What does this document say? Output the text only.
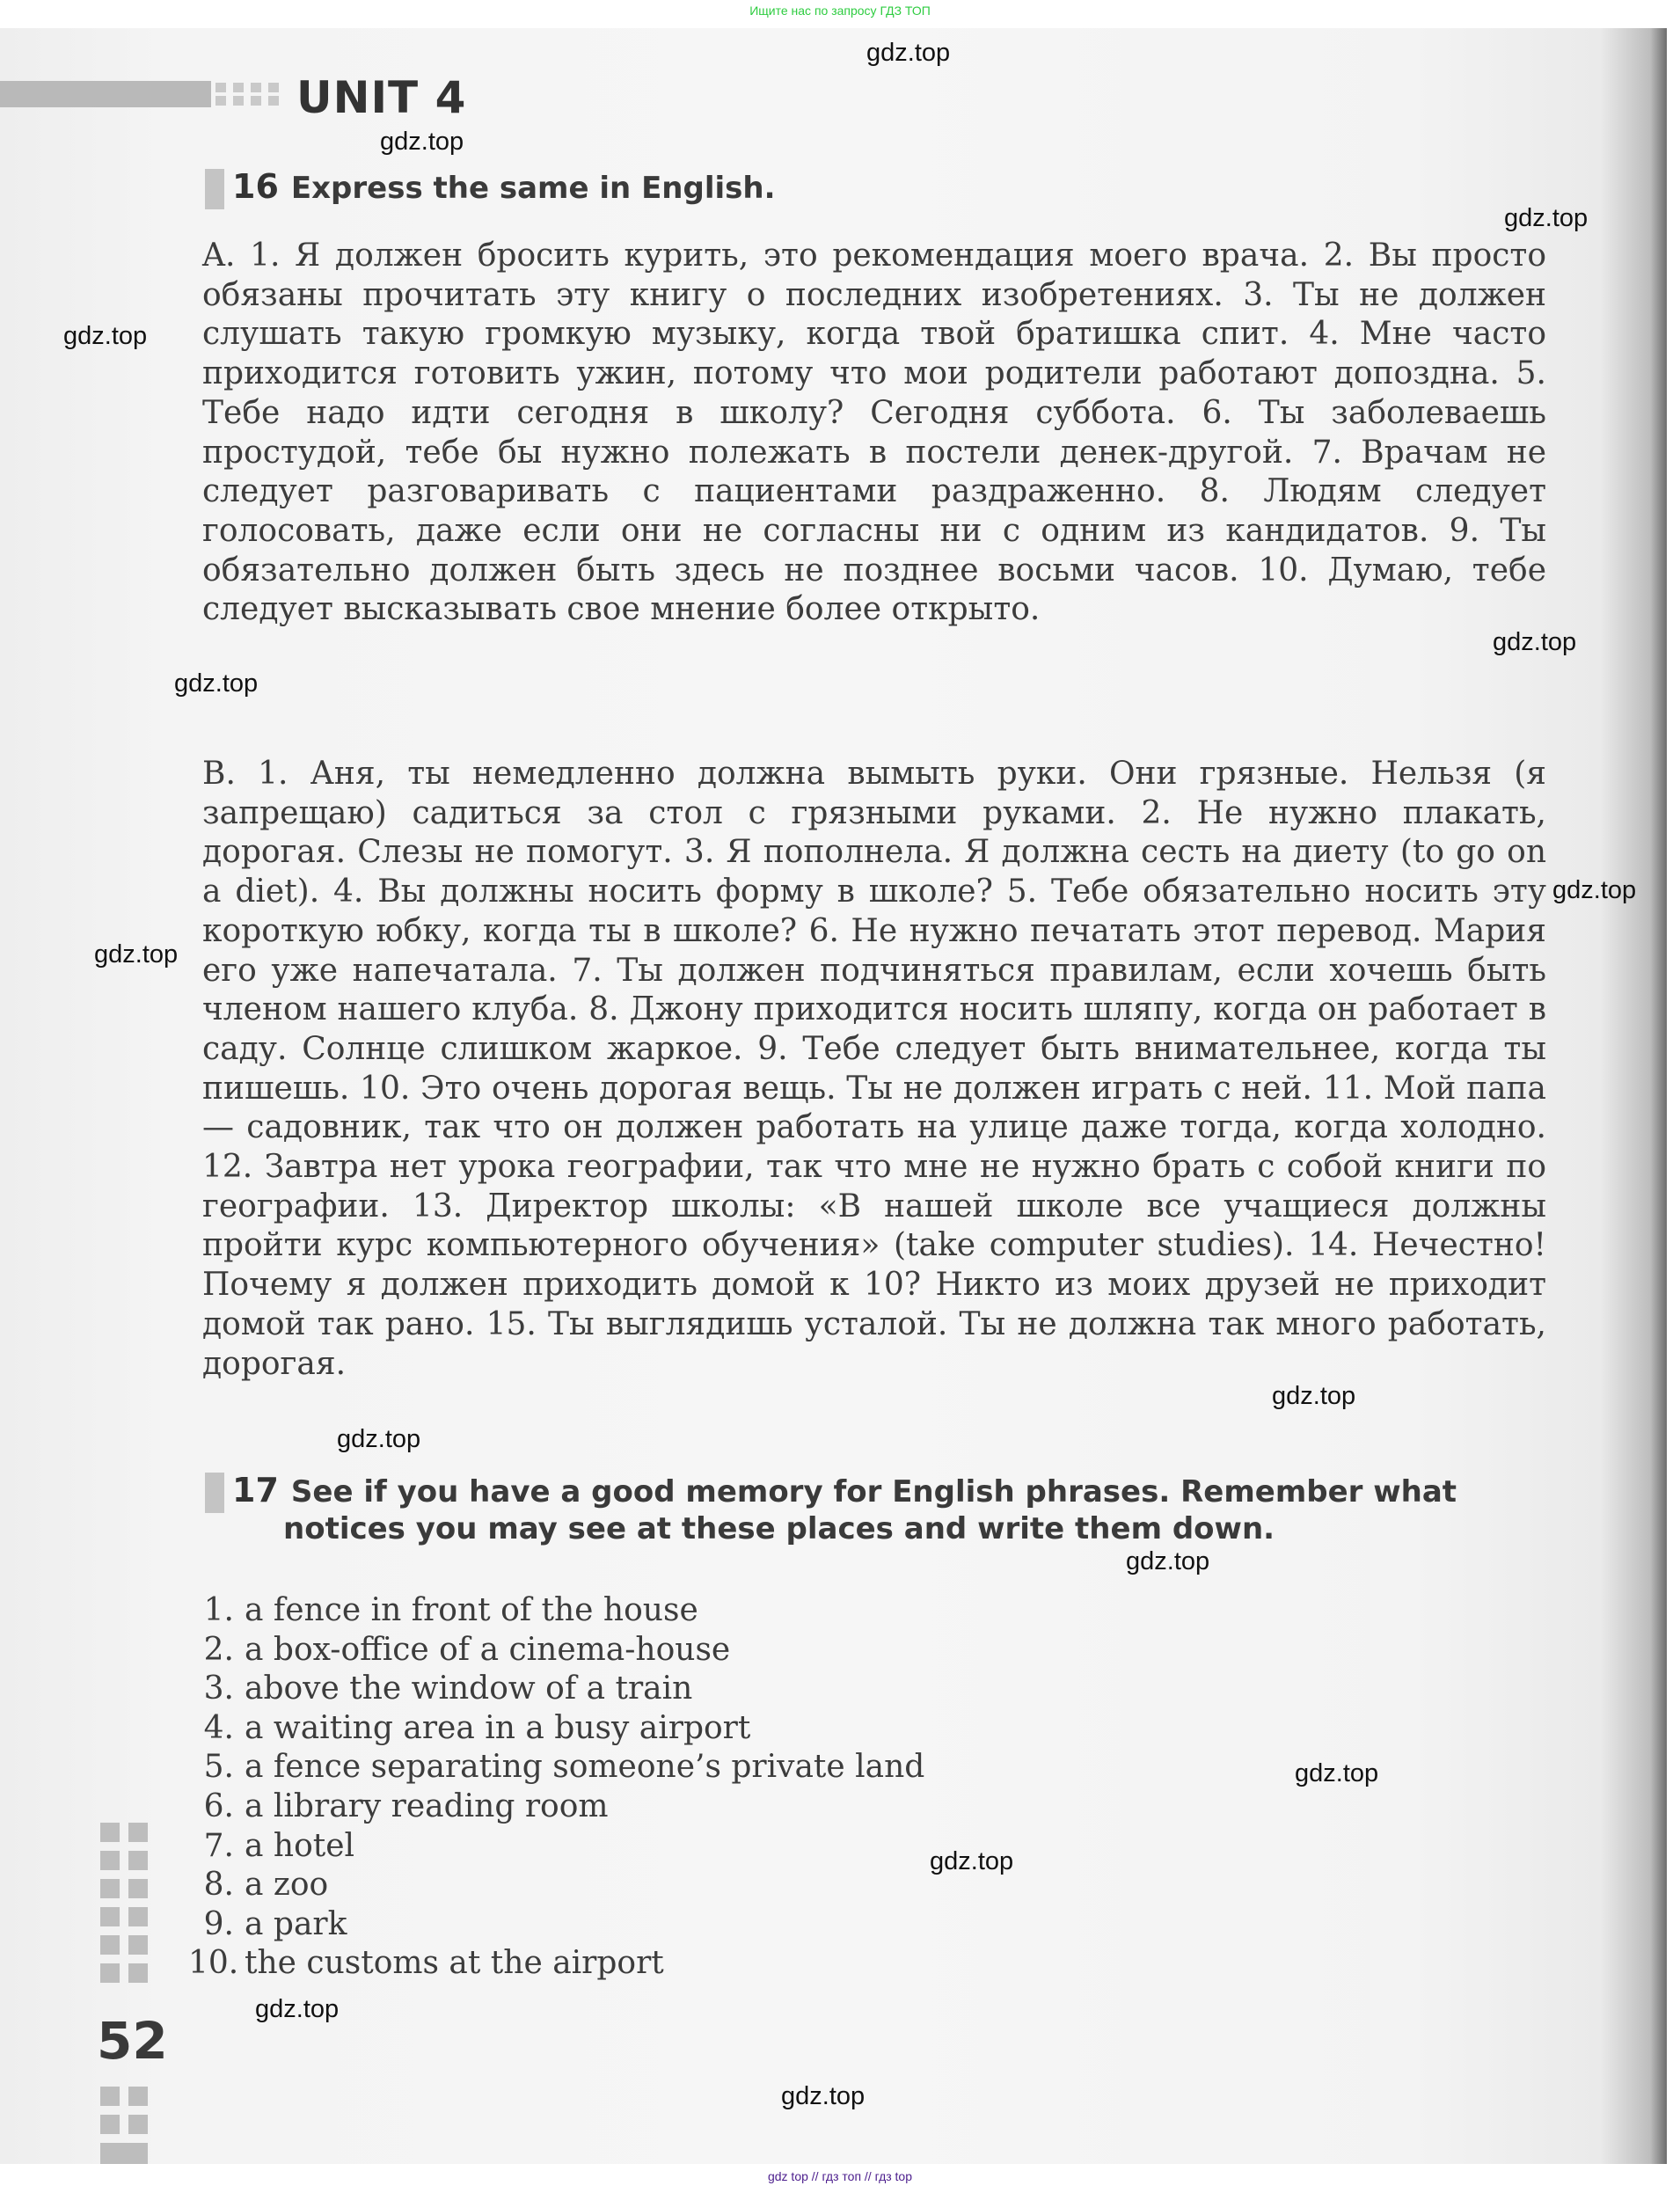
Ищите нас по запросу ГДЗ ТОП
UNIT 4
16 Express the same in English.
A. 1. Я должен бросить курить, это рекомендация моего врача. 2. Вы просто обязаны прочитать эту книгу о последних изобретениях. 3. Ты не должен слушать такую громкую музыку, когда твой братишка спит. 4. Мне часто приходится готовить ужин, потому что мои родители работают допоздна. 5. Тебе надо идти сегодня в школу? Сегодня суббота. 6. Ты заболеваешь простудой, тебе бы нужно полежать в постели денек-другой. 7. Врачам не следует разговаривать с пациентами раздраженно. 8. Людям следует голосовать, даже если они не согласны ни с одним из кандидатов. 9. Ты обязательно должен быть здесь не позднее восьми часов. 10. Думаю, тебе следует высказывать свое мнение более открыто.
B. 1. Аня, ты немедленно должна вымыть руки. Они грязные. Нельзя (я запрещаю) садиться за стол с грязными руками. 2. Не нужно плакать, дорогая. Слезы не помогут. 3. Я пополнела. Я должна сесть на диету (to go on a diet). 4. Вы должны носить форму в школе? 5. Тебе обязательно носить эту короткую юбку, когда ты в школе? 6. Не нужно печатать этот перевод. Мария его уже напечатала. 7. Ты должен подчиняться правилам, если хочешь быть членом нашего клуба. 8. Джону приходится носить шляпу, когда он работает в саду. Солнце слишком жаркое. 9. Тебе следует быть внимательнее, когда ты пишешь. 10. Это очень дорогая вещь. Ты не должен играть с ней. 11. Мой папа — садовник, так что он должен работать на улице даже тогда, когда холодно. 12. Завтра нет урока географии, так что мне не нужно брать с собой книги по географии. 13. Директор школы: «В нашей школе все учащиеся должны пройти курс компьютерного обучения» (take computer studies). 14. Нечестно! Почему я должен приходить домой к 10? Никто из моих друзей не приходит домой так рано. 15. Ты выглядишь усталой. Ты не должна так много работать, дорогая.
17 See if you have a good memory for English phrases. Remember what
notices you may see at these places and write them down.
1. a fence in front of the house
2. a box-office of a cinema-house
3. above the window of a train
4. a waiting area in a busy airport
5. a fence separating someone’s private land
6. a library reading room
7. a hotel
8. a zoo
9. a park
10. the customs at the airport
52
gdz.top
gdz.top
gdz.top
gdz.top
gdz.top
gdz.top
gdz.top
gdz.top
gdz.top
gdz.top
gdz.top
gdz.top
gdz.top
gdz.top
gdz.top
gdz top // гдз топ // гдз top
